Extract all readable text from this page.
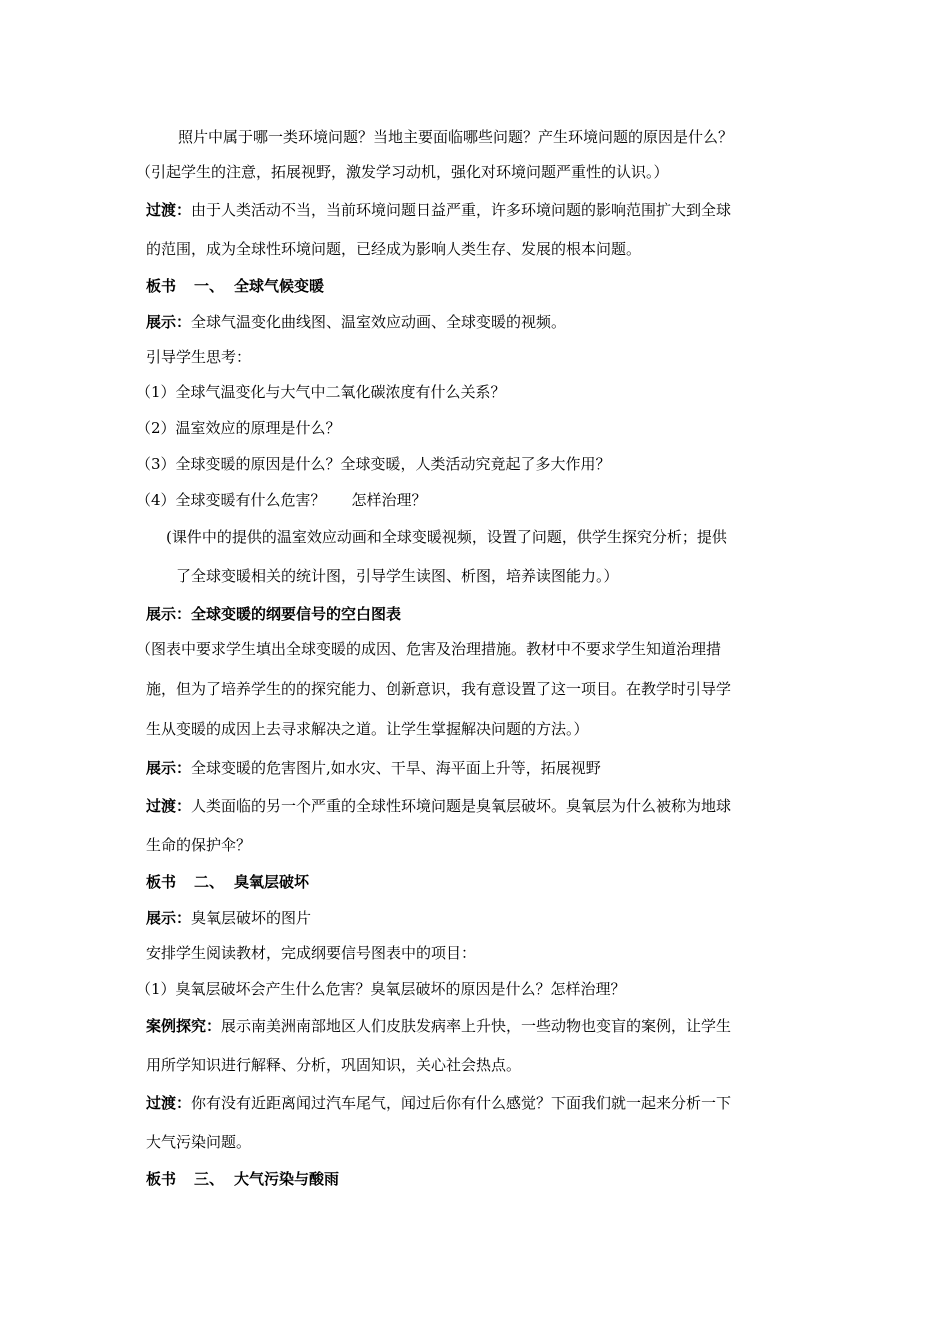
照片中属于哪一类环境问题？当地主要面临哪些问题？产生环境问题的原因是什么？
（引起学生的注意，拓展视野，激发学习动机，强化对环境问题严重性的认识。）
过渡：由于人类活动不当，当前环境问题日益严重，许多环境问题的影响范围扩大到全球
的范围，成为全球性环境问题，已经成为影响人类生存、发展的根本问题。
板书 一、 全球气候变暖
展示：全球气温变化曲线图、温室效应动画、全球变暖的视频。
引导学生思考：
（1）全球气温变化与大气中二氧化碳浓度有什么关系？
（2）温室效应的原理是什么？
（3）全球变暖的原因是什么？全球变暖，人类活动究竟起了多大作用？
（4）全球变暖有什么危害？ 怎样治理？
(课件中的提供的温室效应动画和全球变暖视频，设置了问题，供学生探究分析；提供
了全球变暖相关的统计图，引导学生读图、析图，培养读图能力。）
展示：全球变暖的纲要信号的空白图表
（图表中要求学生填出全球变暖的成因、危害及治理措施。教材中不要求学生知道治理措
施，但为了培养学生的的探究能力、创新意识，我有意设置了这一项目。在教学时引导学
生从变暖的成因上去寻求解决之道。让学生掌握解决问题的方法。）
展示：全球变暖的危害图片,如水灾、干旱、海平面上升等，拓展视野
过渡：人类面临的另一个严重的全球性环境问题是臭氧层破坏。臭氧层为什么被称为地球
生命的保护伞？
板书 二、 臭氧层破坏
展示：臭氧层破坏的图片
安排学生阅读教材，完成纲要信号图表中的项目：
（1）臭氧层破坏会产生什么危害？臭氧层破坏的原因是什么？怎样治理？
案例探究：展示南美洲南部地区人们皮肤发病率上升快，一些动物也变盲的案例，让学生
用所学知识进行解释、分析，巩固知识，关心社会热点。
过渡：你有没有近距离闻过汽车尾气，闻过后你有什么感觉？下面我们就一起来分析一下
大气污染问题。
板书 三、 大气污染与酸雨
